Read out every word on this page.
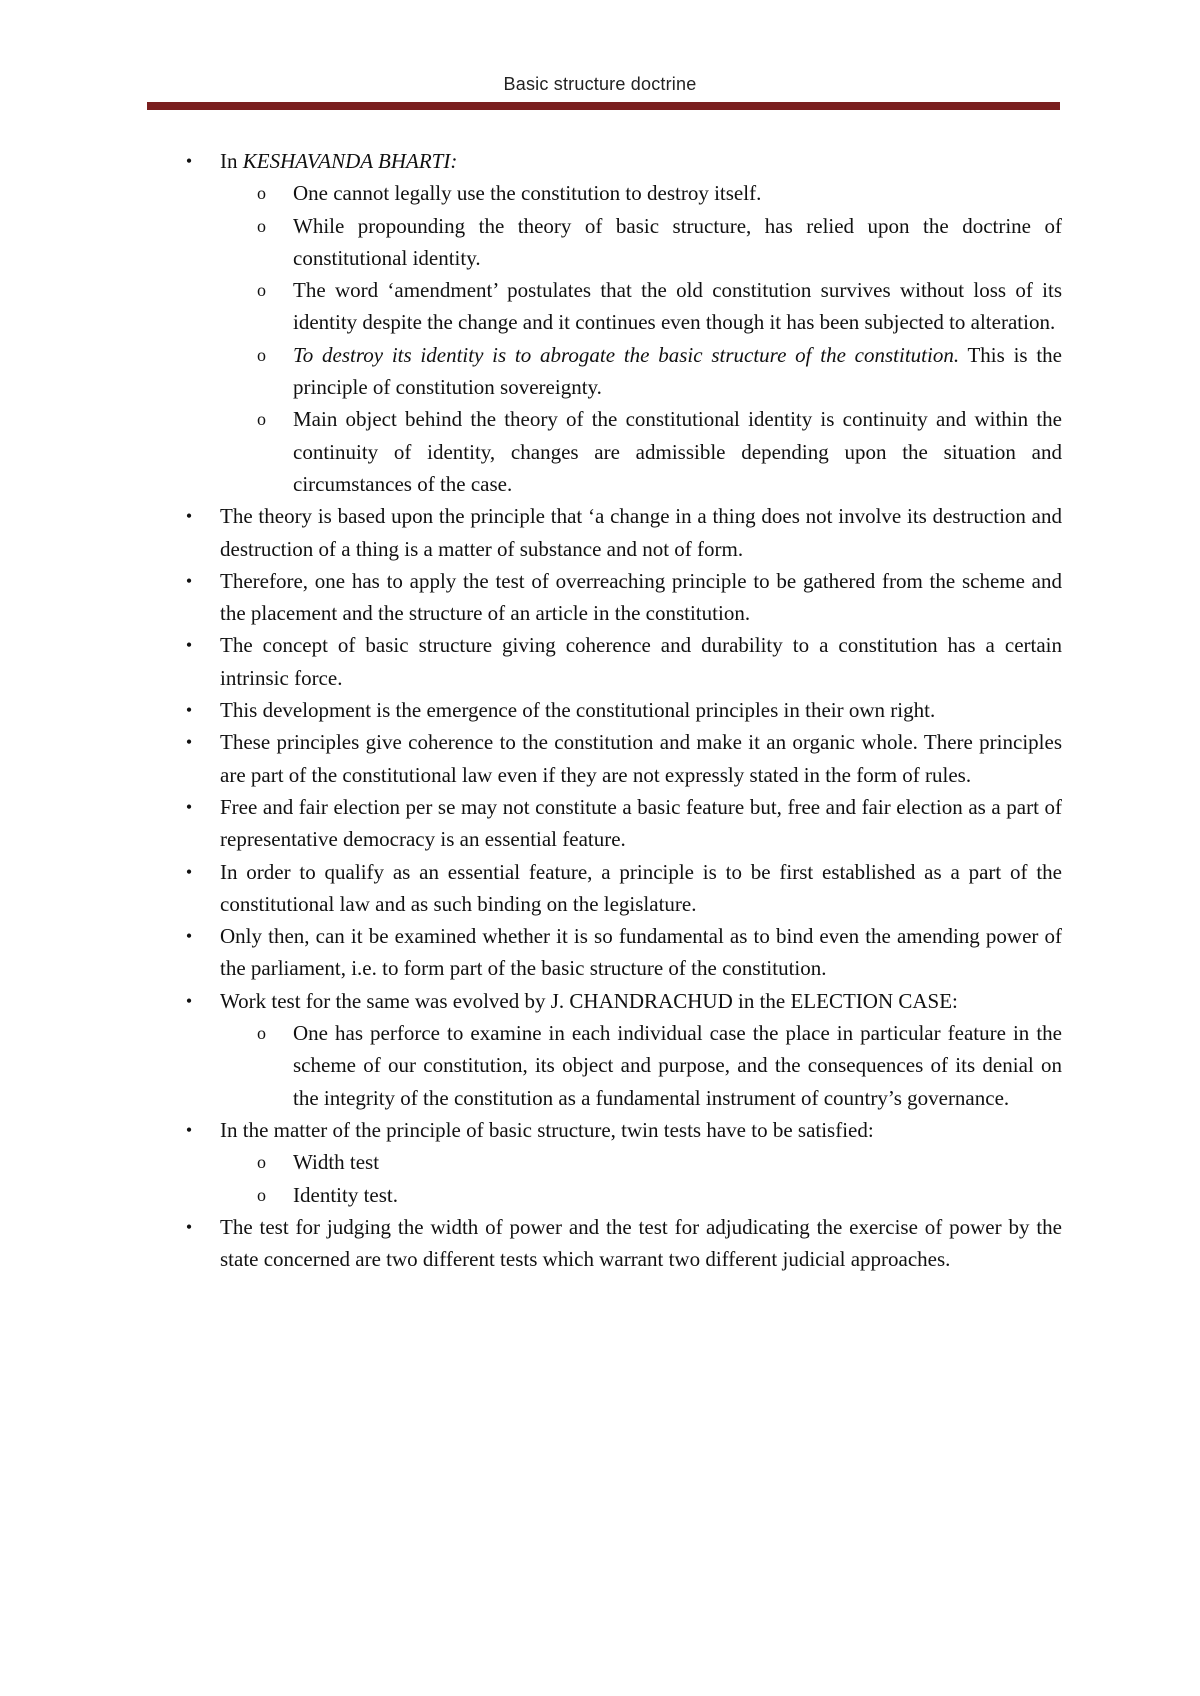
Basic structure doctrine
• In KESHAVANDA BHARTI:
o One cannot legally use the constitution to destroy itself.
o While propounding the theory of basic structure, has relied upon the doctrine of constitutional identity.
o The word ‘amendment’ postulates that the old constitution survives without loss of its identity despite the change and it continues even though it has been subjected to alteration.
o To destroy its identity is to abrogate the basic structure of the constitution. This is the principle of constitution sovereignty.
o Main object behind the theory of the constitutional identity is continuity and within the continuity of identity, changes are admissible depending upon the situation and circumstances of the case.
• The theory is based upon the principle that ‘a change in a thing does not involve its destruction and destruction of a thing is a matter of substance and not of form.
• Therefore, one has to apply the test of overreaching principle to be gathered from the scheme and the placement and the structure of an article in the constitution.
• The concept of basic structure giving coherence and durability to a constitution has a certain intrinsic force.
• This development is the emergence of the constitutional principles in their own right.
• These principles give coherence to the constitution and make it an organic whole. There principles are part of the constitutional law even if they are not expressly stated in the form of rules.
• Free and fair election per se may not constitute a basic feature but, free and fair election as a part of representative democracy is an essential feature.
• In order to qualify as an essential feature, a principle is to be first established as a part of the constitutional law and as such binding on the legislature.
• Only then, can it be examined whether it is so fundamental as to bind even the amending power of the parliament, i.e. to form part of the basic structure of the constitution.
• Work test for the same was evolved by J. CHANDRACHUD in the ELECTION CASE:
o One has perforce to examine in each individual case the place in particular feature in the scheme of our constitution, its object and purpose, and the consequences of its denial on the integrity of the constitution as a fundamental instrument of country’s governance.
• In the matter of the principle of basic structure, twin tests have to be satisfied:
o Width test
o Identity test.
• The test for judging the width of power and the test for adjudicating the exercise of power by the state concerned are two different tests which warrant two different judicial approaches.
